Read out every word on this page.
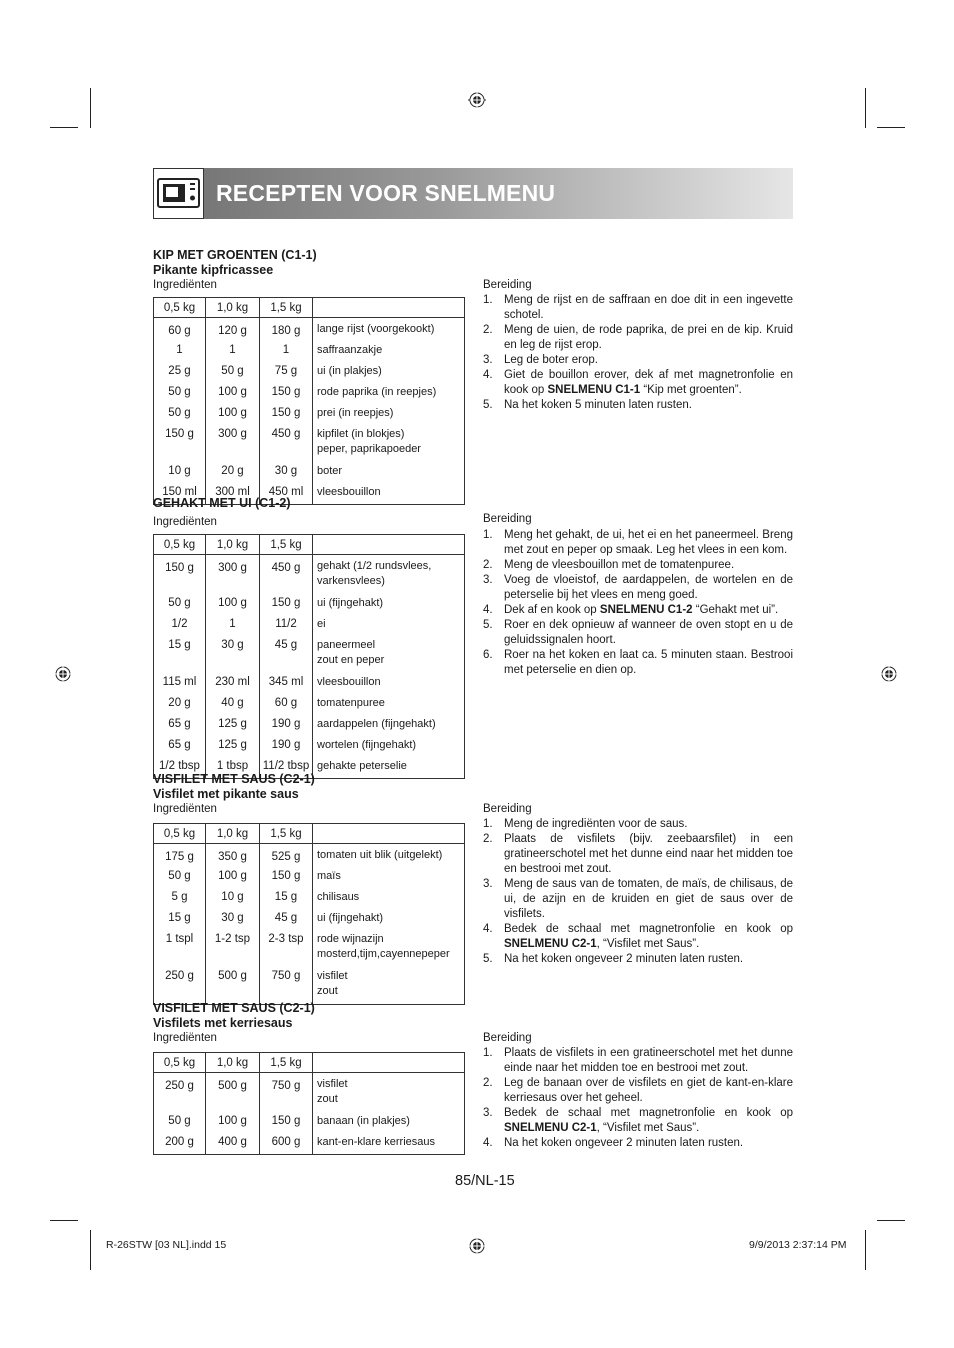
RECEPTEN VOOR SNELMENU
KIP MET GROENTEN (C1-1)
Pikante kipfricassee
Ingrediënten
0,5 kg	1,0 kg	1,5 kg	
60 g	120 g	180 g	lange rijst (voorgekookt)
1	1	1	saffraanzakje
25 g	50 g	75 g	ui (in plakjes)
50 g	100 g	150 g	rode paprika (in reepjes)
50 g	100 g	150 g	prei (in reepjes)
150 g	300 g	450 g	kipfilet (in blokjes)
peper, paprikapoeder
10 g	20 g	30 g	boter
150 ml	300 ml	450 ml	vleesbouillon
Bereiding
1. Meng de rijst en de saffraan en doe dit in een ingevette schotel.
2. Meng de uien, de rode paprika, de prei en de kip. Kruid en leg de rijst erop.
3. Leg de boter erop.
4. Giet de bouillon erover, dek af met magnetronfolie en kook op SNELMENU C1-1 “Kip met groenten”.
5. Na het koken 5 minuten laten rusten.
GEHAKT MET UI (C1-2)
Ingrediënten
0,5 kg	1,0 kg	1,5 kg	
150 g	300 g	450 g	gehakt (1/2 rundsvlees,
varkensvlees)
50 g	100 g	150 g	ui (fijngehakt)
1/2	1	11/2	ei
15 g	30 g	45 g	paneermeel
zout en peper
115 ml	230 ml	345 ml	vleesbouillon
20 g	40 g	60 g	tomatenpuree
65 g	125 g	190 g	aardappelen (fijngehakt)
65 g	125 g	190 g	wortelen (fijngehakt)
1/2 tbsp	1 tbsp	11/2 tbsp	gehakte peterselie
Bereiding
1. Meng het gehakt, de ui, het ei en het paneermeel. Breng met zout en peper op smaak. Leg het vlees in een kom.
2. Meng de vleesbouillon met de tomatenpuree.
3. Voeg de vloeistof, de aardappelen, de wortelen en de peterselie bij het vlees en meng goed.
4. Dek af en kook op SNELMENU C1-2 “Gehakt met ui”.
5. Roer en dek opnieuw af wanneer de oven stopt en u de geluidssignalen hoort.
6. Roer na het koken en laat ca. 5 minuten staan. Bestrooi met peterselie en dien op.
VISFILET MET SAUS (C2-1)
Visfilet met pikante saus
Ingrediënten
0,5 kg	1,0 kg	1,5 kg	
175 g	350 g	525 g	tomaten uit blik (uitgelekt)
50 g	100 g	150 g	maïs
5 g	10 g	15 g	chilisaus
15 g	30 g	45 g	ui (fijngehakt)
1 tspl	1-2 tsp	2-3 tsp	rode wijnazijn
mosterd,tijm,cayennepeper
250 g	500 g	750 g	visfilet
zout
Bereiding
1. Meng de ingrediënten voor de saus.
2. Plaats de visfilets (bijv. zeebaarsfilet) in een gratineerschotel met het dunne eind naar het midden toe en bestrooi met zout.
3. Meng de saus van de tomaten, de maïs, de chilisaus, de ui, de azijn en de kruiden en giet de saus over de visfilets.
4. Bedek de schaal met magnetronfolie en kook op SNELMENU C2-1, “Visfilet met Saus”.
5. Na het koken ongeveer 2 minuten laten rusten.
VISFILET MET SAUS (C2-1)
Visfilets met kerriesaus
Ingrediënten
0,5 kg	1,0 kg	1,5 kg	
250 g	500 g	750 g	visfilet
zout
50 g	100 g	150 g	banaan (in plakjes)
200 g	400 g	600 g	kant-en-klare kerriesaus
Bereiding
1. Plaats de visfilets in een gratineerschotel met het dunne einde naar het midden toe en bestrooi met zout.
2. Leg de banaan over de visfilets en giet de kant-en-klare kerriesaus over het geheel.
3. Bedek de schaal met magnetronfolie en kook op SNELMENU C2-1, “Visfilet met Saus”.
4. Na het koken ongeveer 2 minuten laten rusten.
85/NL-15
R-26STW [03 NL].indd 15	9/9/2013 2:37:14 PM
